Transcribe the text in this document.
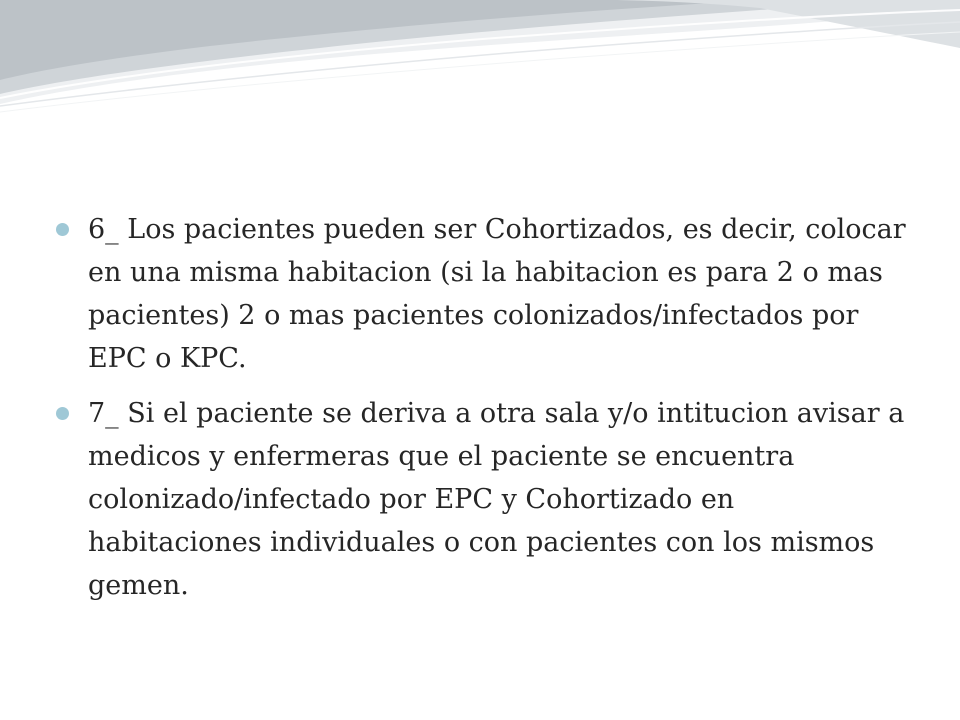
6_ Los pacientes pueden ser Cohortizados, es decir, colocar en una misma habitacion (si la habitacion es para 2 o mas pacientes) 2 o mas pacientes colonizados/infectados por EPC o KPC.
7_ Si el paciente se deriva a otra sala y/o intitucion avisar a medicos y enfermeras que el paciente se encuentra colonizado/infectado por EPC y Cohortizado en habitaciones individuales o con pacientes con los mismos gemen.
